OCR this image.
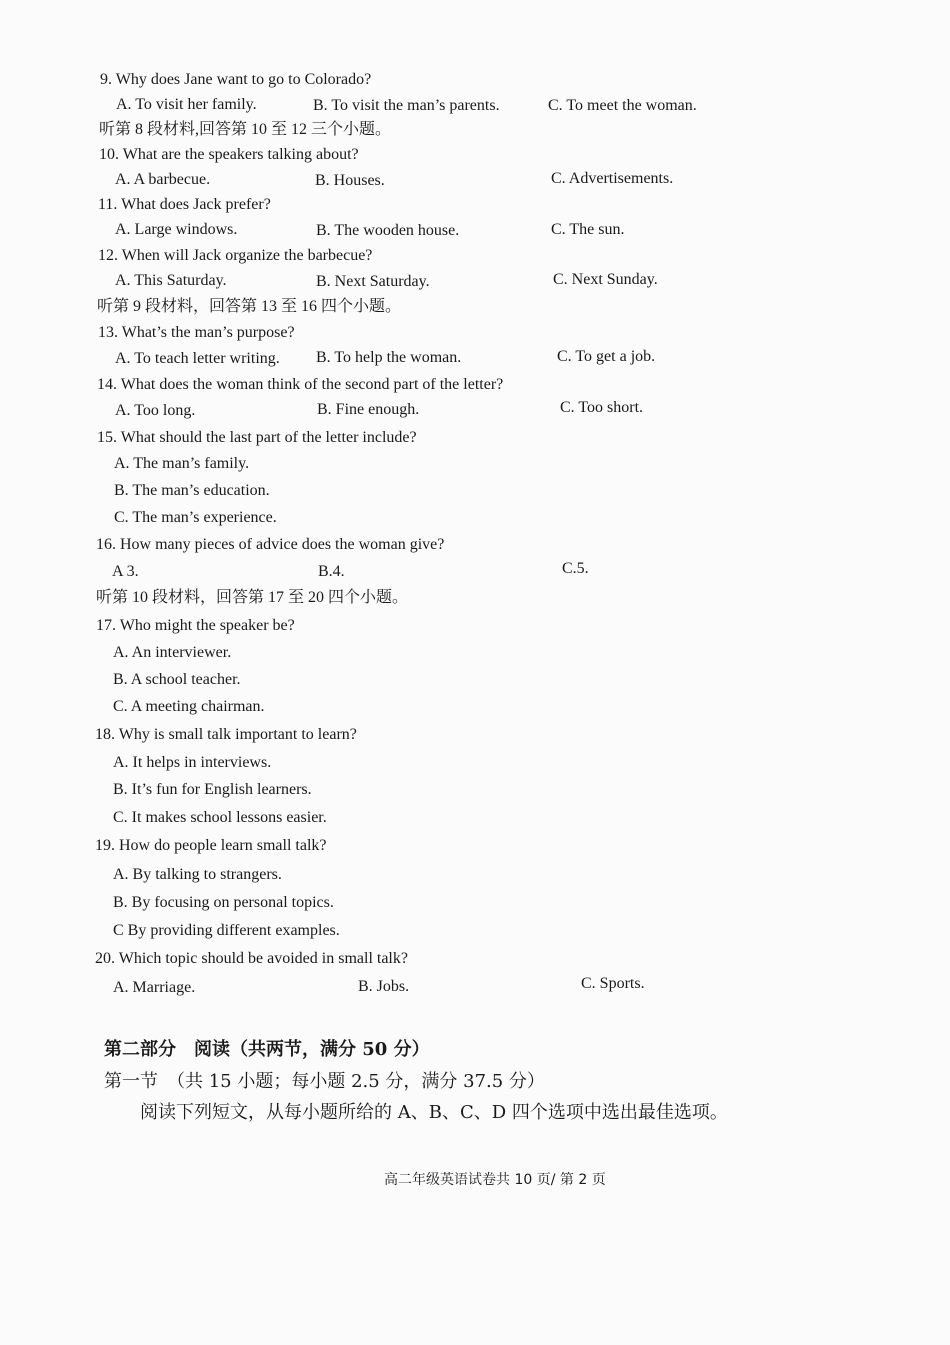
9. Why does Jane want to go to Colorado?
A. To visit her family.	B. To visit the man’s parents.	C. To meet the woman.
听第 8 段材料,回答第 10 至 12 三个小题。
10. What are the speakers talking about?
A. A barbecue.	B. Houses.	C. Advertisements.
11. What does Jack prefer?
A. Large windows.	B. The wooden house.	C. The sun.
12. When will Jack organize the barbecue?
A. This Saturday.	B. Next Saturday.	C. Next Sunday.
听第 9 段材料，回答第 13 至 16 四个小题。
13. What’s the man’s purpose?
A. To teach letter writing. B. To help the woman.	C. To get a job.
14. What does the woman think of the second part of the letter?
A. Too long.	B. Fine enough.	C. Too short.
15. What should the last part of the letter include?
A. The man’s family.
B. The man’s education.
C. The man’s experience.
16. How many pieces of advice does the woman give?
A 3.	B.4.	C.5.
听第 10 段材料，回答第 17 至 20 四个小题。
17. Who might the speaker be?
A. An interviewer.
B. A school teacher.
C. A meeting chairman.
18. Why is small talk important to learn?
A. It helps in interviews.
B. It’s fun for English learners.
C. It makes school lessons easier.
19. How do people learn small talk?
A. By talking to strangers.
B. By focusing on personal topics.
C By providing different examples.
20. Which topic should be avoided in small talk?
A. Marriage.	B. Jobs.	C. Sports.
第二部分　阅读（共两节，满分 50 分）
第一节　（共 15 小题；每小题 2.5 分，满分 37.5 分）
阅读下列短文，从每小题所给的 A、B、C、D 四个选项中选出最佳选项。
高二年级英语试卷共 10 页/ 第 2 页
